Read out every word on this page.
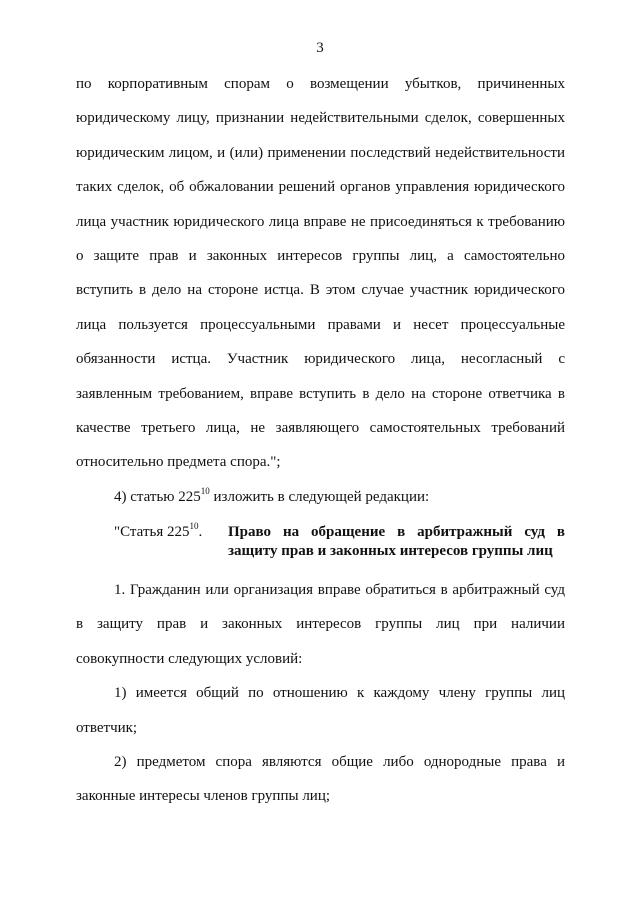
3
по корпоративным спорам о возмещении убытков, причиненных
юридическому лицу, признании недействительными сделок, совершенных
юридическим лицом, и (или) применении последствий недействительности
таких сделок, об обжаловании решений органов управления юридического
лица участник юридического лица вправе не присоединяться к требованию
о защите прав и законных интересов группы лиц, а самостоятельно
вступить в дело на стороне истца. В этом случае участник юридического
лица пользуется процессуальными правами и несет процессуальные
обязанности истца. Участник юридического лица, несогласный с
заявленным требованием, вправе вступить в дело на стороне ответчика в
качестве третьего лица, не заявляющего самостоятельных требований
относительно предмета спора.";
4) статью $225^{10}$ изложить в следующей редакции:
"Статья $225^{10}$.	Право на обращение в арбитражный суд в
защиту прав и законных интересов группы лиц
1. Гражданин или организация вправе обратиться в арбитражный суд
в защиту прав и законных интересов группы лиц при наличии
совокупности следующих условий:
1) имеется общий по отношению к каждому члену группы лиц
ответчик;
2) предметом спора являются общие либо однородные права и
законные интересы членов группы лиц;
